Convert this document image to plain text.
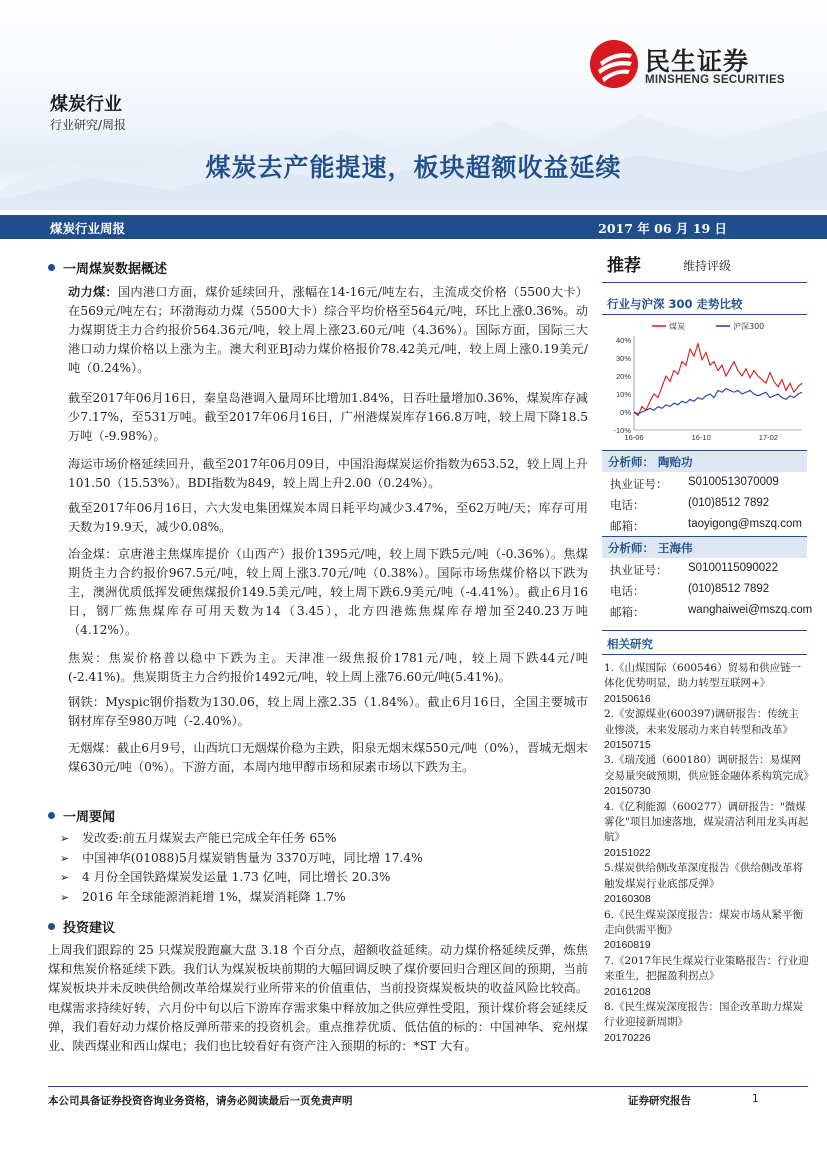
民生证券
MINSHENG SECURITIES
煤炭行业
行业研究/周报
煤炭去产能提速，板块超额收益延续
煤炭行业周报	2017 年 06 月 19 日
一周煤炭数据概述
动力煤：国内港口方面，煤价延续回升，涨幅在14-16元/吨左右，主流成交价格（5500大卡）在569元/吨左右；环渤海动力煤（5500大卡）综合平均价格至564元/吨，环比上涨0.36%。动力煤期货主力合约报价564.36元/吨，较上周上涨23.60元/吨（4.36%）。国际方面，国际三大港口动力煤价格以上涨为主。澳大利亚BJ动力煤价格报价78.42美元/吨，较上周上涨0.19美元/吨（0.24%）。
截至2017年06月16日，秦皇岛港调入量周环比增加1.84%，日吞吐量增加0.36%，煤炭库存减少7.17%，至531万吨。截至2017年06月16日，广州港煤炭库存166.8万吨，较上周下降18.5万吨（-9.98%）。
海运市场价格延续回升，截至2017年06月09日，中国沿海煤炭运价指数为653.52，较上周上升101.50（15.53%）。BDI指数为849，较上周上升2.00（0.24%）。
截至2017年06月16日，六大发电集团煤炭本周日耗平均减少3.47%，至62万吨/天；库存可用天数为19.9天，减少0.08%。
冶金煤：京唐港主焦煤库提价（山西产）报价1395元/吨，较上周下跌5元/吨（-0.36%）。焦煤期货主力合约报价967.5元/吨，较上周上涨3.70元/吨（0.38%）。国际市场焦煤价格以下跌为主，澳洲优质低挥发硬焦煤报价149.5美元/吨，较上周下跌6.9美元/吨（-4.41%）。截止6月16日，钢厂炼焦煤库存可用天数为14（3.45），北方四港炼焦煤库存增加至240.23万吨（4.12%）。
焦炭：焦炭价格普以稳中下跌为主。天津准一级焦报价1781元/吨，较上周下跌44元/吨(-2.41%)。焦炭期货主力合约报价1492元/吨，较上周上涨76.60元/吨(5.41%)。
钢铁：Myspic钢价指数为130.06，较上周上涨2.35（1.84%）。截止6月16日，全国主要城市钢材库存至980万吨（-2.40%）。
无烟煤：截止6月9号，山西坑口无烟煤价稳为主跌，阳泉无烟末煤550元/吨（0%），晋城无烟末煤630元/吨（0%）。下游方面，本周内地甲醇市场和尿素市场以下跌为主。
一周要闻
➢	发改委:前五月煤炭去产能已完成全年任务 65%
➢	中国神华(01088)5月煤炭销售量为 3370万吨，同比增 17.4%
➢	4 月份全国铁路煤炭发运量 1.73 亿吨，同比增长 20.3%
➢	2016 年全球能源消耗增 1%，煤炭消耗降 1.7%
投资建议
上周我们跟踪的 25 只煤炭股跑赢大盘 3.18 个百分点，超额收益延续。动力煤价格延续反弹，炼焦煤和焦炭价格延续下跌。我们认为煤炭板块前期的大幅回调反映了煤价要回归合理区间的预期，当前煤炭板块并未反映供给侧改革给煤炭行业所带来的价值重估，当前投资煤炭板块的收益风险比较高。电煤需求持续好转，六月份中旬以后下游库存需求集中释放加之供应弹性受阻，预计煤价将会延续反弹，我们看好动力煤价格反弹所带来的投资机会。重点推荐优质、低估值的标的：中国神华、兖州煤业、陕西煤业和西山煤电；我们也比较看好有资产注入预期的标的：*ST 大有。
推荐	维持评级
行业与沪深 300 走势比较
煤炭	沪深300
40%
30%
20%
10%
0%
-10%
16-06	16-10	17-02
分析师： 陶贻功
执业证号： S0100513070009
电话：	(010)8512 7892
邮箱：	taoyigong@mszq.com
分析师： 王海伟
执业证号： S0100115090022
电话：	(010)8512 7892
邮箱：	wanghaiwei@mszq.com
相关研究
1.《山煤国际（600546）贸易和供应链一体化优势明显，助力转型互联网+》
20150616
2.《安源煤业(600397)调研报告：传统主业惨淡，未来发展动力来自转型和改革》
20150715
3.《瑞茂通（600180）调研报告：易煤网交易量突破预期，供应链金融体系构筑完成》
20150730
4.《亿利能源（600277）调研报告："微煤雾化"项目加速落地，煤炭清洁利用龙头再起航》
20151022
5.煤炭供给侧改革深度报告《供给侧改革将触发煤炭行业底部反弹》
20160308
6.《民生煤炭深度报告：煤炭市场从紧平衡走向供需平衡》
20160819
7.《2017年民生煤炭行业策略报告：行业迎来重生，把握盈利拐点》
20161208
8.《民生煤炭深度报告：国企改革助力煤炭行业迎接新周期》
20170226
本公司具备证券投资咨询业务资格，请务必阅读最后一页免责声明	证券研究报告	1
